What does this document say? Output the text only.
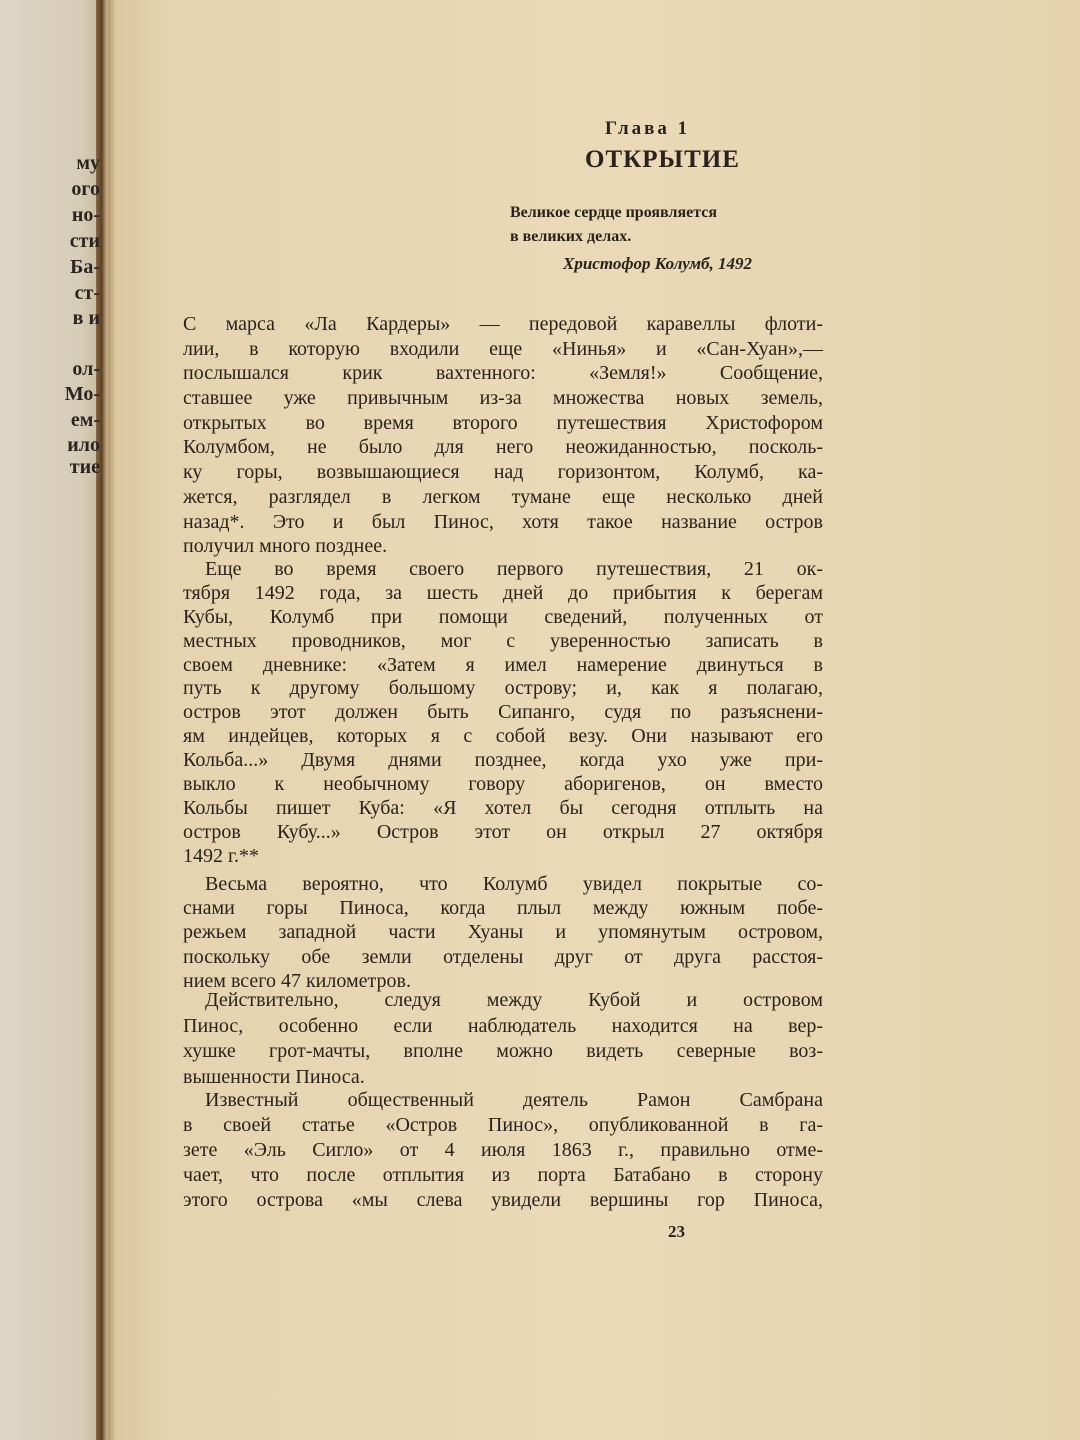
му
ого
но-
сти
Ба-
ст-
в и
ол-
Мо-
ем-
ило
тие
Глава 1
ОТКРЫТИЕ
Великое сердце проявляется
в великих делах.
Христофор Колумб, 1492
С марса «Ла Кардеры» — передовой каравеллы флоти-
лии, в которую входили еще «Нинья» и «Сан-Хуан»,—
послышался крик вахтенного: «Земля!» Сообщение,
ставшее уже привычным из-за множества новых земель,
открытых во время второго путешествия Христофором
Колумбом, не было для него неожиданностью, посколь-
ку горы, возвышающиеся над горизонтом, Колумб, ка-
жется, разглядел в легком тумане еще несколько дней
назад*. Это и был Пинос, хотя такое название остров
получил много позднее.
Еще во время своего первого путешествия, 21 ок-
тября 1492 года, за шесть дней до прибытия к берегам
Кубы, Колумб при помощи сведений, полученных от
местных проводников, мог с уверенностью записать в
своем дневнике: «Затем я имел намерение двинуться в
путь к другому большому острову; и, как я полагаю,
остров этот должен быть Сипанго, судя по разъяснени-
ям индейцев, которых я с собой везу. Они называют его
Кольба...» Двумя днями позднее, когда ухо уже при-
выкло к необычному говору аборигенов, он вместо
Кольбы пишет Куба: «Я хотел бы сегодня отплыть на
остров Кубу...» Остров этот он открыл 27 октября
1492 г.**
Весьма вероятно, что Колумб увидел покрытые со-
снами горы Пиноса, когда плыл между южным побе-
режьем западной части Хуаны и упомянутым островом,
поскольку обе земли отделены друг от друга расстоя-
нием всего 47 километров.
Действительно, следуя между Кубой и островом
Пинос, особенно если наблюдатель находится на вер-
хушке грот-мачты, вполне можно видеть северные воз-
вышенности Пиноса.
Известный общественный деятель Рамон Самбрана
в своей статье «Остров Пинос», опубликованной в га-
зете «Эль Сигло» от 4 июля 1863 г., правильно отме-
чает, что после отплытия из порта Батабано в сторону
этого острова «мы слева увидели вершины гор Пиноса,
23
